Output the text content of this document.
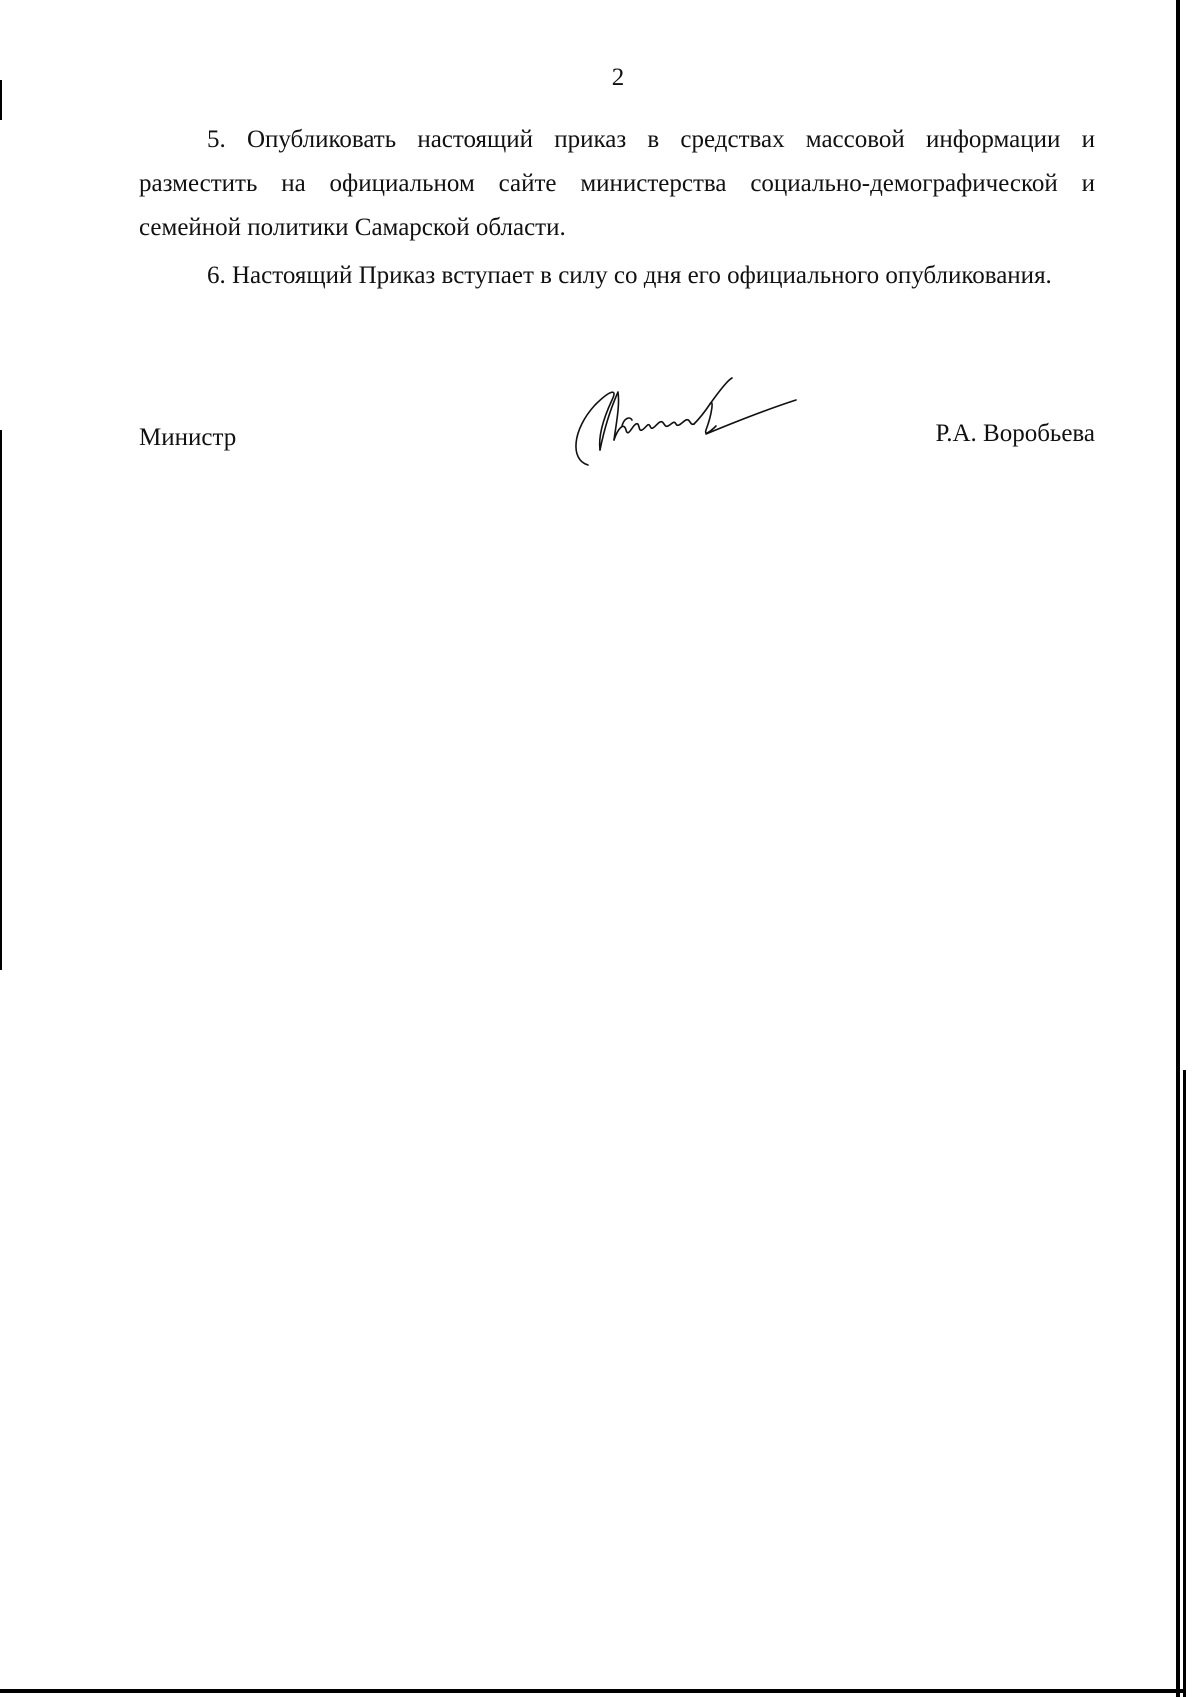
2

5. Опубликовать настоящий приказ в средствах массовой информации и разместить на официальном сайте министерства социально-демографической и семейной политики Самарской области.

6. Настоящий Приказ вступает в силу со дня его официального опубликования.

Министр	Р.А. Воробьева
